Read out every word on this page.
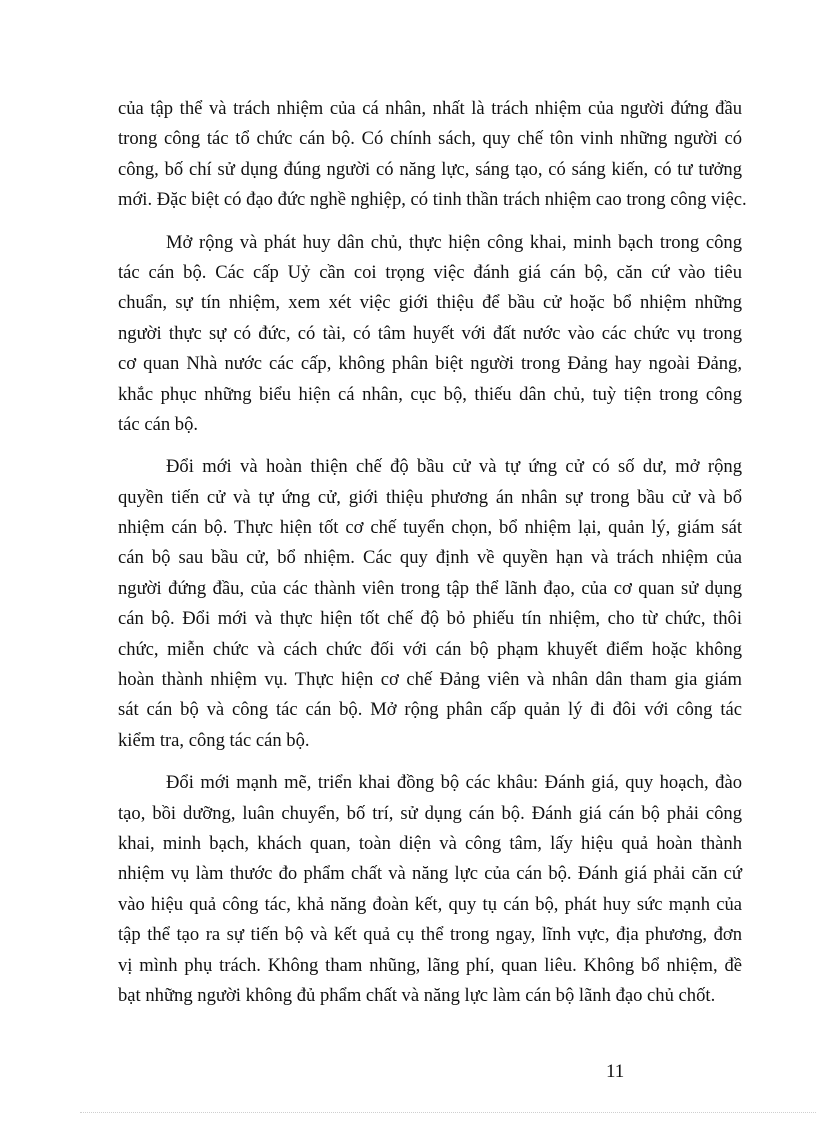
của tập thể và trách nhiệm của cá nhân, nhất là trách nhiệm của người đứng đầu
trong công tác tổ chức cán bộ. Có chính sách, quy chế tôn vinh những người có
công, bố chí sử dụng đúng người có năng lực, sáng tạo, có sáng kiến, có tư tưởng
mới. Đặc biệt có đạo đức nghề nghiệp, có tinh thần trách nhiệm cao trong công việc.
Mở rộng và phát huy dân chủ, thực hiện công khai, minh bạch trong công
tác cán bộ. Các cấp Uỷ cần coi trọng việc đánh giá cán bộ, căn cứ vào tiêu
chuẩn, sự tín nhiệm, xem xét việc giới thiệu để bầu cử hoặc bổ nhiệm những
người thực sự có đức, có tài, có tâm huyết với đất nước vào các chức vụ trong
cơ quan Nhà nước các cấp, không phân biệt người trong Đảng hay ngoài Đảng,
khắc phục những biểu hiện cá nhân, cục bộ, thiếu dân chủ, tuỳ tiện trong công
tác cán bộ.
Đổi mới và hoàn thiện chế độ bầu cử và tự ứng cử có số dư, mở rộng
quyền tiến cử và tự ứng cử, giới thiệu phương án nhân sự trong bầu cử và bổ
nhiệm cán bộ. Thực hiện tốt cơ chế tuyển chọn, bổ nhiệm lại, quản lý, giám sát
cán bộ sau bầu cử, bổ nhiệm. Các quy định về quyền hạn và trách nhiệm của
người đứng đầu, của các thành viên trong tập thể lãnh đạo, của cơ quan sử dụng
cán bộ. Đổi mới và thực hiện tốt chế độ bỏ phiếu tín nhiệm, cho từ chức, thôi
chức, miễn chức và cách chức đối với cán bộ phạm khuyết điểm hoặc không
hoàn thành nhiệm vụ. Thực hiện cơ chế Đảng viên và nhân dân tham gia giám
sát cán bộ và công tác cán bộ. Mở rộng phân cấp quản lý đi đôi với công tác
kiểm tra, công tác cán bộ.
Đổi mới mạnh mẽ, triển khai đồng bộ các khâu: Đánh giá, quy hoạch, đào
tạo, bồi dưỡng, luân chuyển, bố trí, sử dụng cán bộ. Đánh giá cán bộ phải công
khai, minh bạch, khách quan, toàn diện và công tâm, lấy hiệu quả hoàn thành
nhiệm vụ làm thước đo phẩm chất và năng lực của cán bộ. Đánh giá phải căn cứ
vào hiệu quả công tác, khả năng đoàn kết, quy tụ cán bộ, phát huy sức mạnh của
tập thể tạo ra sự tiến bộ và kết quả cụ thể trong ngay, lĩnh vực, địa phương, đơn
vị mình phụ trách. Không tham nhũng, lãng phí, quan liêu. Không bổ nhiệm, đề
bạt những người không đủ phẩm chất và năng lực làm cán bộ lãnh đạo chủ chốt.
11
